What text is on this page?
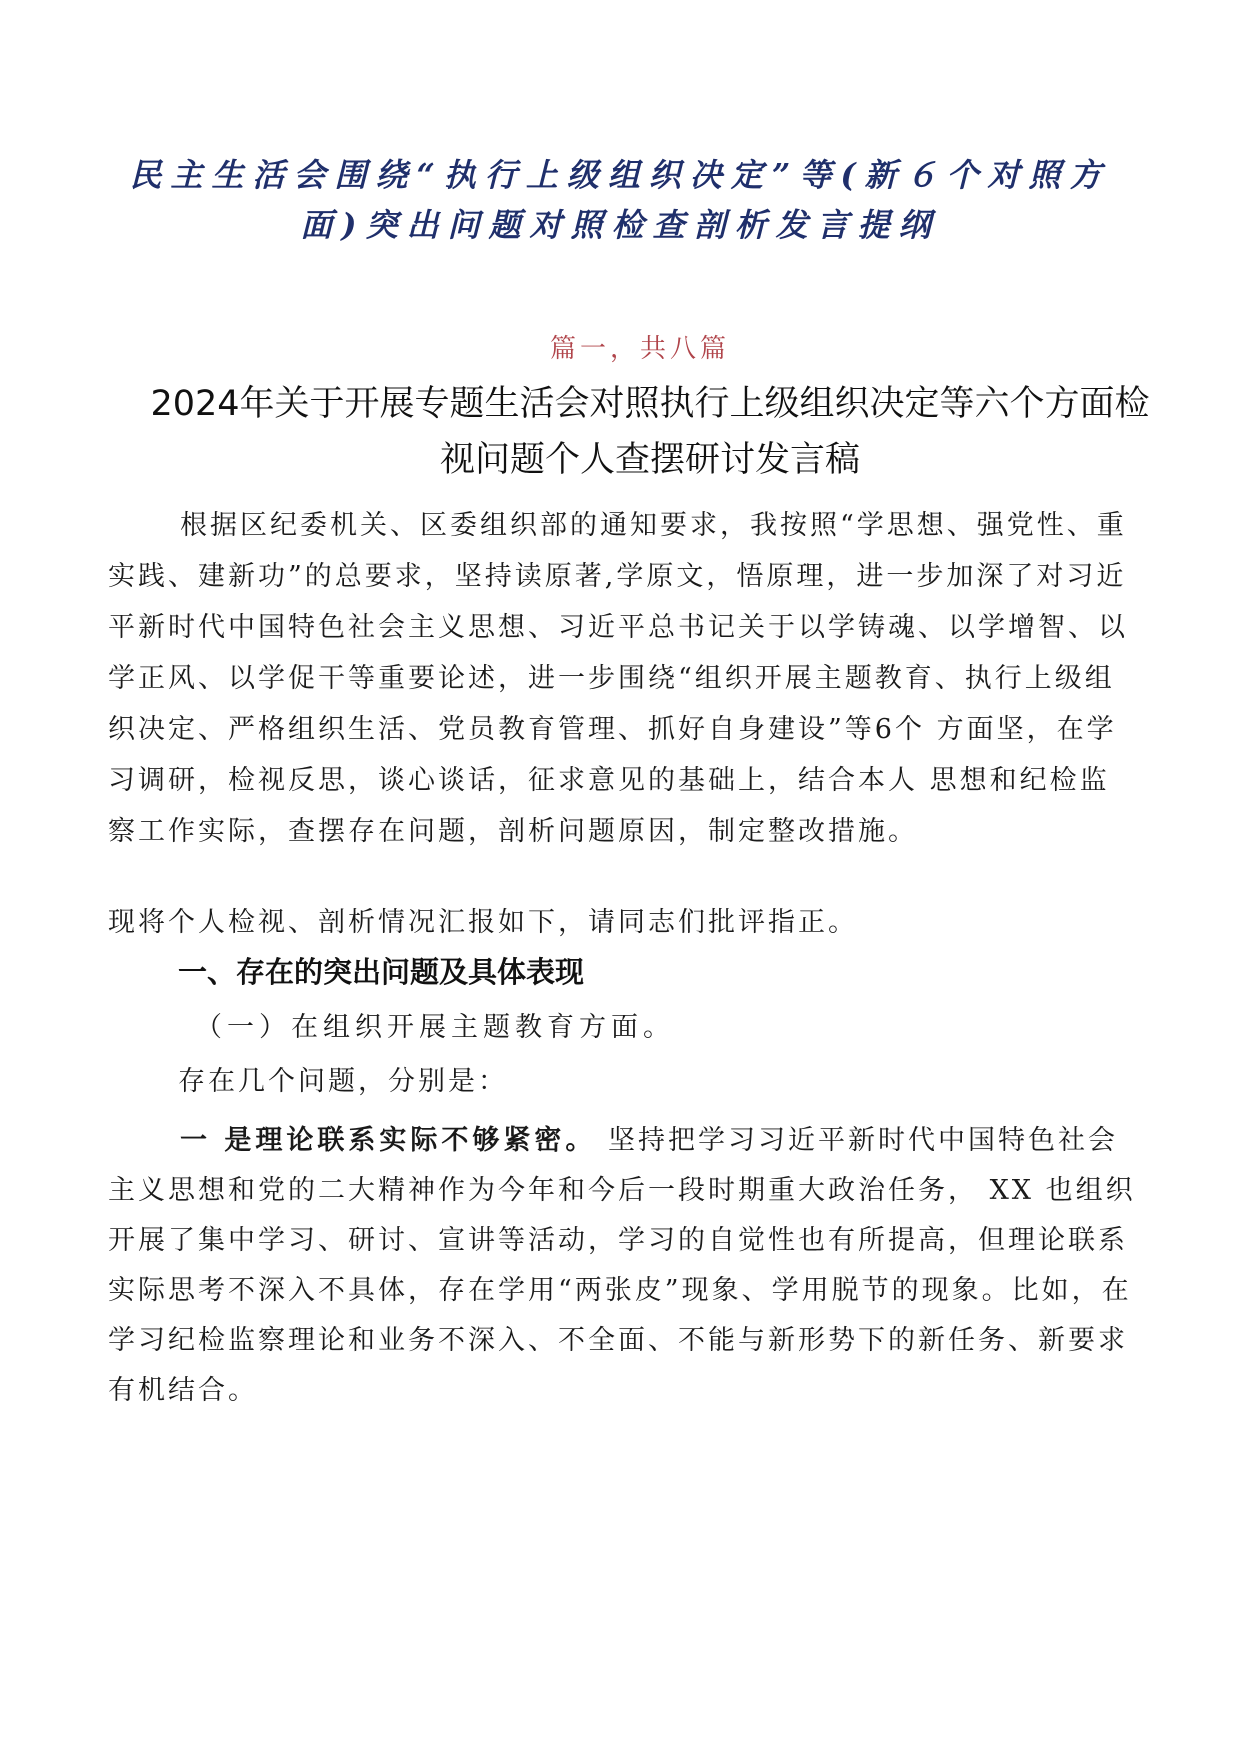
民主生活会围绕“执行上级组织决定”等(新６个对照方面)突出问题对照检查剖析发言提纲
篇一，共八篇
2024年关于开展专题生活会对照执行上级组织决定等六个方面检视问题个人查摆研讨发言稿

根据区纪委机关、区委组织部的通知要求，我按照“学思想、强党性、重实践、建新功”的总要求，坚持读原著,学原文，悟原理，进一步加深了对习近平新时代中国特色社会主义思想、习近平总书记关于以学铸魂、以学增智、以学正风、以学促干等重要论述，进一步围绕“组织开展主题教育、执行上级组织决定、严格组织生活、党员教育管理、抓好自身建设”等6个 方面坚，在学习调研，检视反思，谈心谈话，征求意见的基础上，结合本人 思想和纪检监察工作实际，查摆存在问题，剖析问题原因，制定整改措施。

现将个人检视、剖析情况汇报如下，请同志们批评指正。

一、存在的突出问题及具体表现
（一）在组织开展主题教育方面。
存在几个问题，分别是：

一 是理论联系实际不够紧密。 坚持把学习习近平新时代中国特色社会主义思想和党的二大精神作为今年和今后一段时期重大政治任务， XX 也组织开展了集中学习、研讨、宣讲等活动，学习的自觉性也有所提高，但理论联系实际思考不深入不具体，存在学用“两张皮”现象、学用脱节的现象。比如，在学习纪检监察理论和业务不深入、不全面、不能与新形势下的新任务、新要求有机结合。
